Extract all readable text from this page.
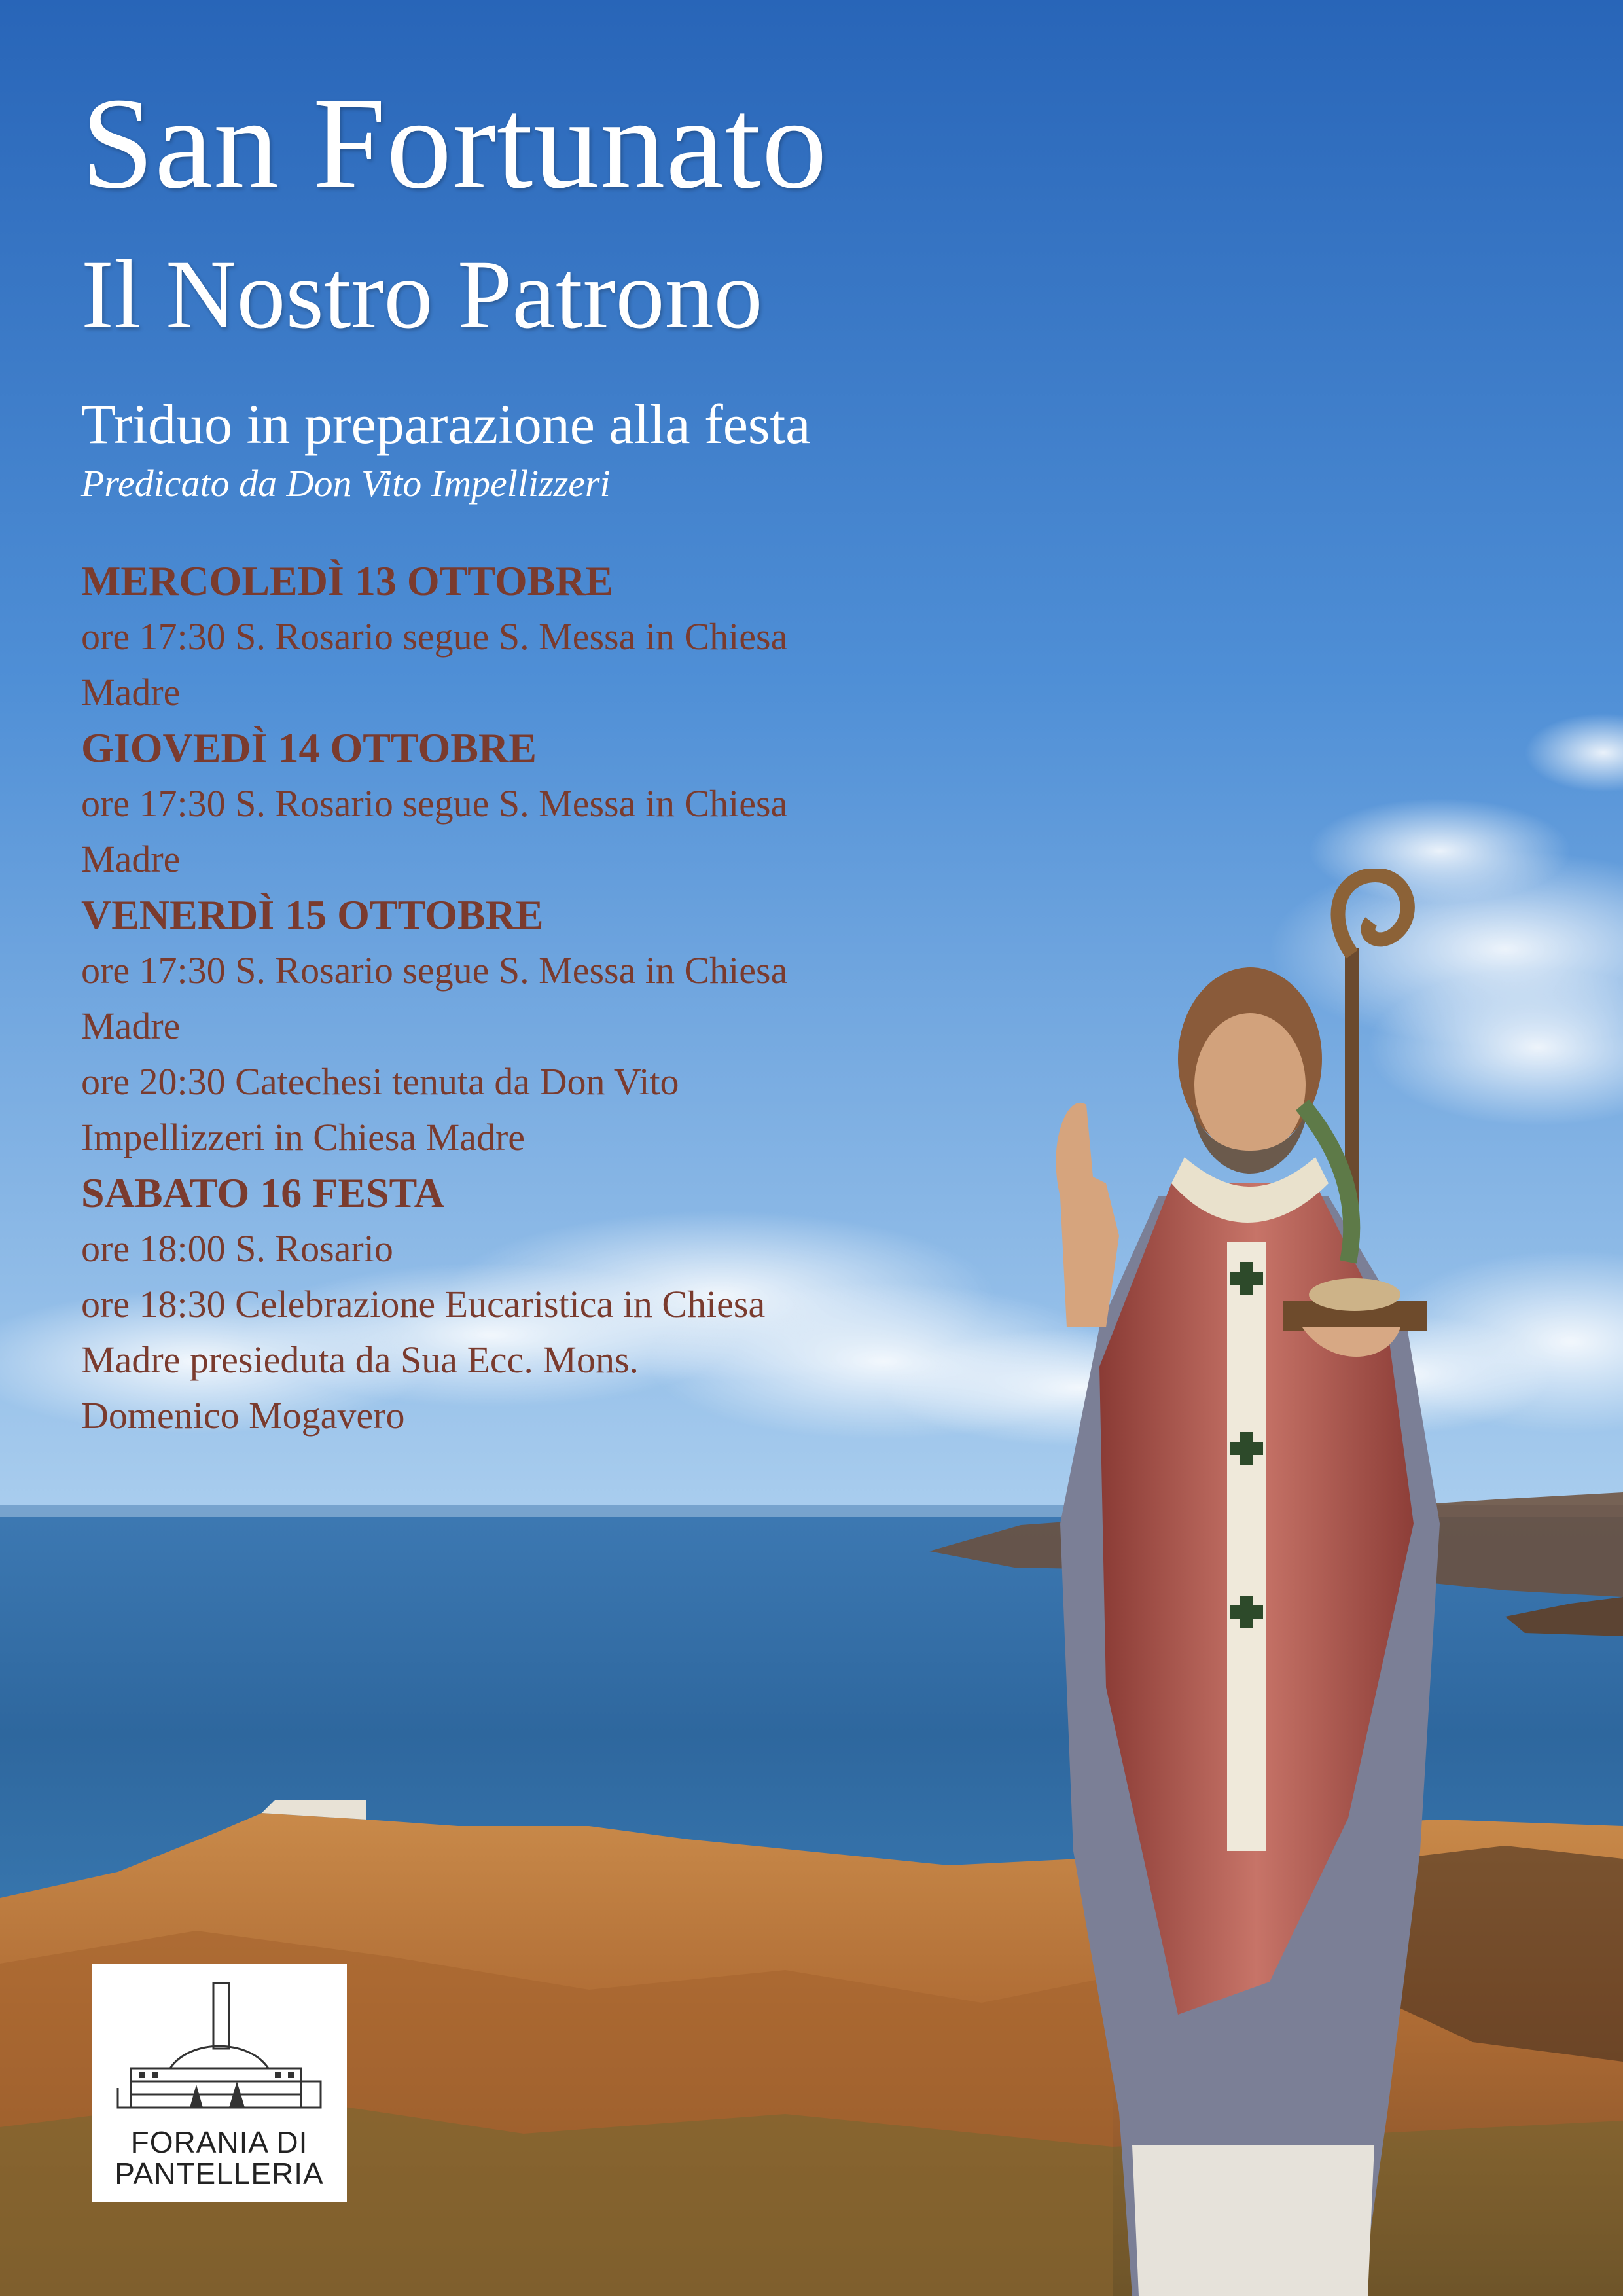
San Fortunato
Il Nostro Patrono

Triduo in preparazione alla festa

Predicato da Don Vito Impellizzeri

MERCOLEDÌ 13 OTTOBRE

ore 17:30 S. Rosario segue S. Messa in Chiesa

Madre

GIOVEDÌ 14 OTTOBRE

ore 17:30 S. Rosario segue S. Messa in Chiesa

Madre

VENERDÌ 15 OTTOBRE

ore 17:30 S. Rosario segue S. Messa in Chiesa

Madre

ore 20:30 Catechesi tenuta da Don Vito

Impellizzeri in Chiesa Madre

SABATO 16 FESTA

ore 18:00 S. Rosario

ore 18:30 Celebrazione Eucaristica in Chiesa

Madre presieduta da Sua Ecc. Mons.

Domenico Mogavero

FORANIA DI
PANTELLERIA
